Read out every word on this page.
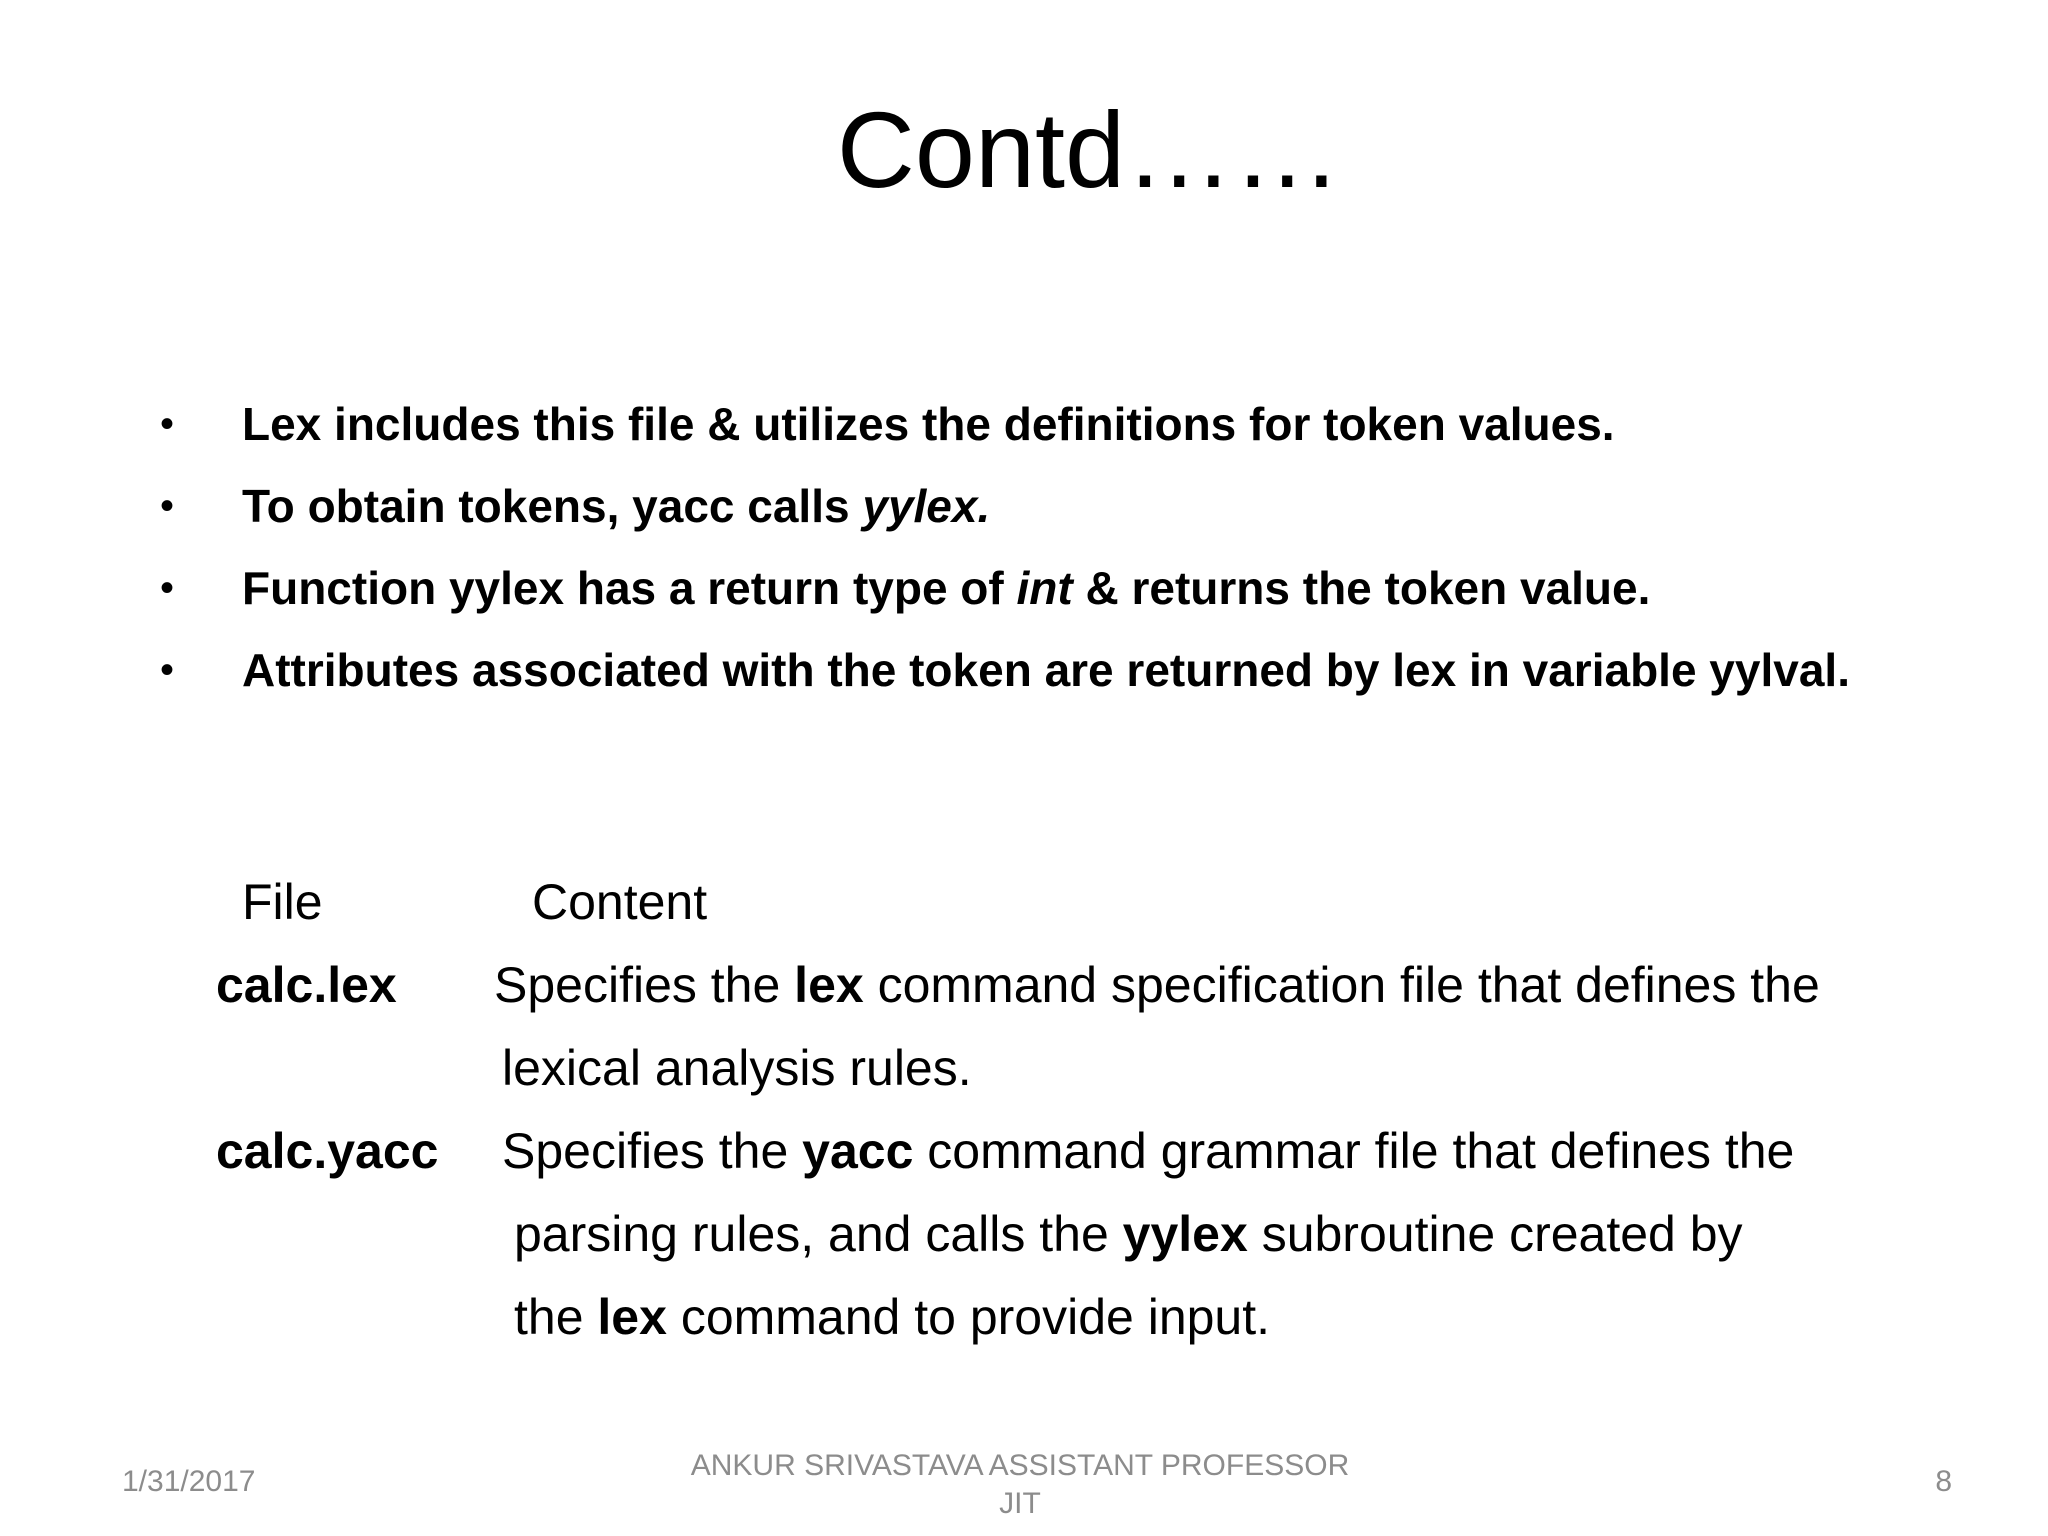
Contd……
• Lex includes this file & utilizes the definitions for token values.
• To obtain tokens, yacc calls yylex.
• Function yylex has a return type of int & returns the token value.
• Attributes associated with the token are returned by lex in variable yylval.
File	Content
calc.lex Specifies the lex command specification file that defines the
lexical analysis rules.
calc.yacc Specifies the yacc command grammar file that defines the
parsing rules, and calls the yylex subroutine created by
the lex command to provide input.
1/31/2017	ANKUR SRIVASTAVA ASSISTANT PROFESSOR
JIT
8
